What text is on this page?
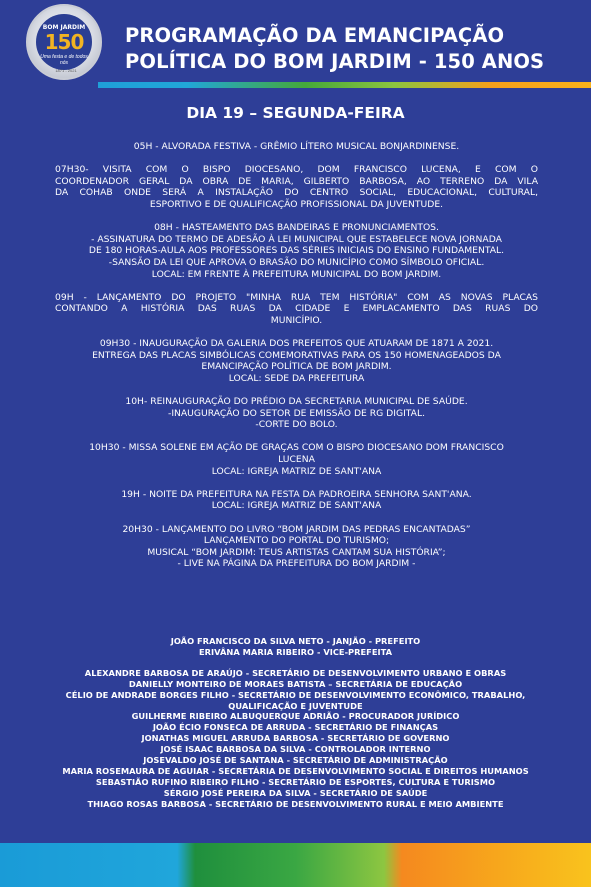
BOM JARDIM
150
Uma festa e de todos nós
1871 - 2021
PROGRAMAÇÃO DA EMANCIPAÇÃO
POLÍTICA DO BOM JARDIM - 150 ANOS
DIA 19 – SEGUNDA-FEIRA
05H - ALVORADA FESTIVA - GRÊMIO LÍTERO MUSICAL BONJARDINENSE.
07H30- VISITA COM O BISPO DIOCESANO, DOM FRANCISCO LUCENA, E COM O
COORDENADOR GERAL DA OBRA DE MARIA, GILBERTO BARBOSA, AO TERRENO DA VILA
DA COHAB ONDE SERÁ A INSTALAÇÃO DO CENTRO SOCIAL, EDUCACIONAL, CULTURAL,
ESPORTIVO E DE QUALIFICAÇÃO PROFISSIONAL DA JUVENTUDE.
08H - HASTEAMENTO DAS BANDEIRAS E PRONUNCIAMENTOS.
- ASSINATURA DO TERMO DE ADESÃO À LEI MUNICIPAL QUE ESTABELECE NOVA JORNADA
DE 180 HORAS-AULA AOS PROFESSORES DAS SÉRIES INICIAIS DO ENSINO FUNDAMENTAL.
-SANSÃO DA LEI QUE APROVA O BRASÃO DO MUNICÍPIO COMO SÍMBOLO OFICIAL.
LOCAL: EM FRENTE À PREFEITURA MUNICIPAL DO BOM JARDIM.
09H - LANÇAMENTO DO PROJETO "MINHA RUA TEM HISTÓRIA" COM AS NOVAS PLACAS
CONTANDO A HISTÓRIA DAS RUAS DA CIDADE E EMPLACAMENTO DAS RUAS DO
MUNICÍPIO.
09H30 - INAUGURAÇÃO DA GALERIA DOS PREFEITOS QUE ATUARAM DE 1871 A 2021.
ENTREGA DAS PLACAS SIMBÓLICAS COMEMORATIVAS PARA OS 150 HOMENAGEADOS DA
EMANCIPAÇÃO POLÍTICA DE BOM JARDIM.
LOCAL: SEDE DA PREFEITURA
10H- REINAUGURAÇÃO DO PRÉDIO DA SECRETARIA MUNICIPAL DE SAÚDE.
-INAUGURAÇÃO DO SETOR DE EMISSÃO DE RG DIGITAL.
-CORTE DO BOLO.
10H30 - MISSA SOLENE EM AÇÃO DE GRAÇAS COM O BISPO DIOCESANO DOM FRANCISCO
LUCENA
LOCAL: IGREJA MATRIZ DE SANT'ANA
19H - NOITE DA PREFEITURA NA FESTA DA PADROEIRA SENHORA SANT'ANA.
LOCAL: IGREJA MATRIZ DE SANT'ANA
20H30 - LANÇAMENTO DO LIVRO “BOM JARDIM DAS PEDRAS ENCANTADAS”
LANÇAMENTO DO PORTAL DO TURISMO;
MUSICAL “BOM JARDIM: TEUS ARTISTAS CANTAM SUA HISTÓRIA”;
- LIVE NA PÁGINA DA PREFEITURA DO BOM JARDIM -
JOÃO FRANCISCO DA SILVA NETO - JANJÃO - PREFEITO
ERIVÂNA MARIA RIBEIRO - VICE-PREFEITA
ALEXANDRE BARBOSA DE ARAÚJO - SECRETÁRIO DE DESENVOLVIMENTO URBANO E OBRAS
DANIELLY MONTEIRO DE MORAES BATISTA – SECRETÁRIA DE EDUCAÇÃO
CÉLIO DE ANDRADE BORGES FILHO - SECRETÁRIO DE DESENVOLVIMENTO ECONÔMICO, TRABALHO,
QUALIFICAÇÃO E JUVENTUDE
GUILHERME RIBEIRO ALBUQUERQUE ADRIÃO - PROCURADOR JURÍDICO
JOÃO ÉCIO FONSECA DE ARRUDA - SECRETÁRIO DE FINANÇAS
JONATHAS MIGUEL ARRUDA BARBOSA - SECRETÁRIO DE GOVERNO
JOSÉ ISAAC BARBOSA DA SILVA - CONTROLADOR INTERNO
JOSEVALDO JOSÉ DE SANTANA - SECRETÁRIO DE ADMINISTRAÇÃO
MARIA ROSEMAURA DE AGUIAR - SECRETÁRIA DE DESENVOLVIMENTO SOCIAL E DIREITOS HUMANOS
SEBASTIÃO RUFINO RIBEIRO FILHO - SECRETÁRIO DE ESPORTES, CULTURA E TURISMO
SÉRGIO JOSÉ PEREIRA DA SILVA - SECRETÁRIO DE SAÚDE
THIAGO ROSAS BARBOSA - SECRETÁRIO DE DESENVOLVIMENTO RURAL E MEIO AMBIENTE
